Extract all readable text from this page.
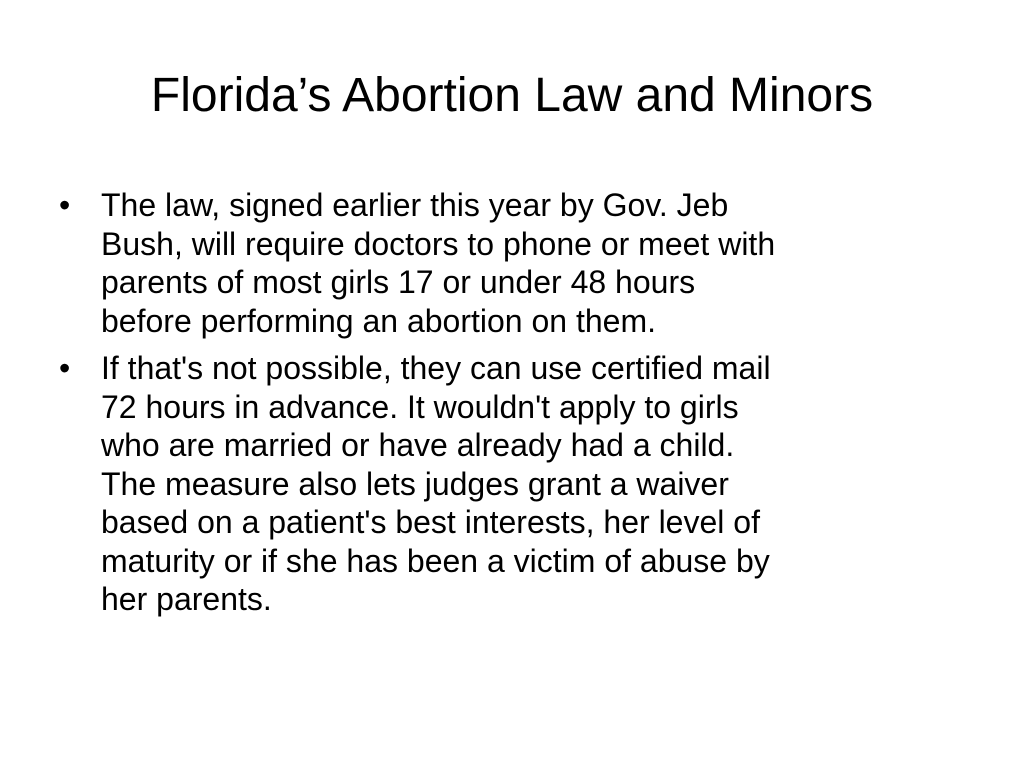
Florida’s Abortion Law and Minors
• The law, signed earlier this year by Gov. Jeb
Bush, will require doctors to phone or meet with
parents of most girls 17 or under 48 hours
before performing an abortion on them.
• If that's not possible, they can use certified mail
72 hours in advance. It wouldn't apply to girls
who are married or have already had a child.
The measure also lets judges grant a waiver
based on a patient's best interests, her level of
maturity or if she has been a victim of abuse by
her parents.
